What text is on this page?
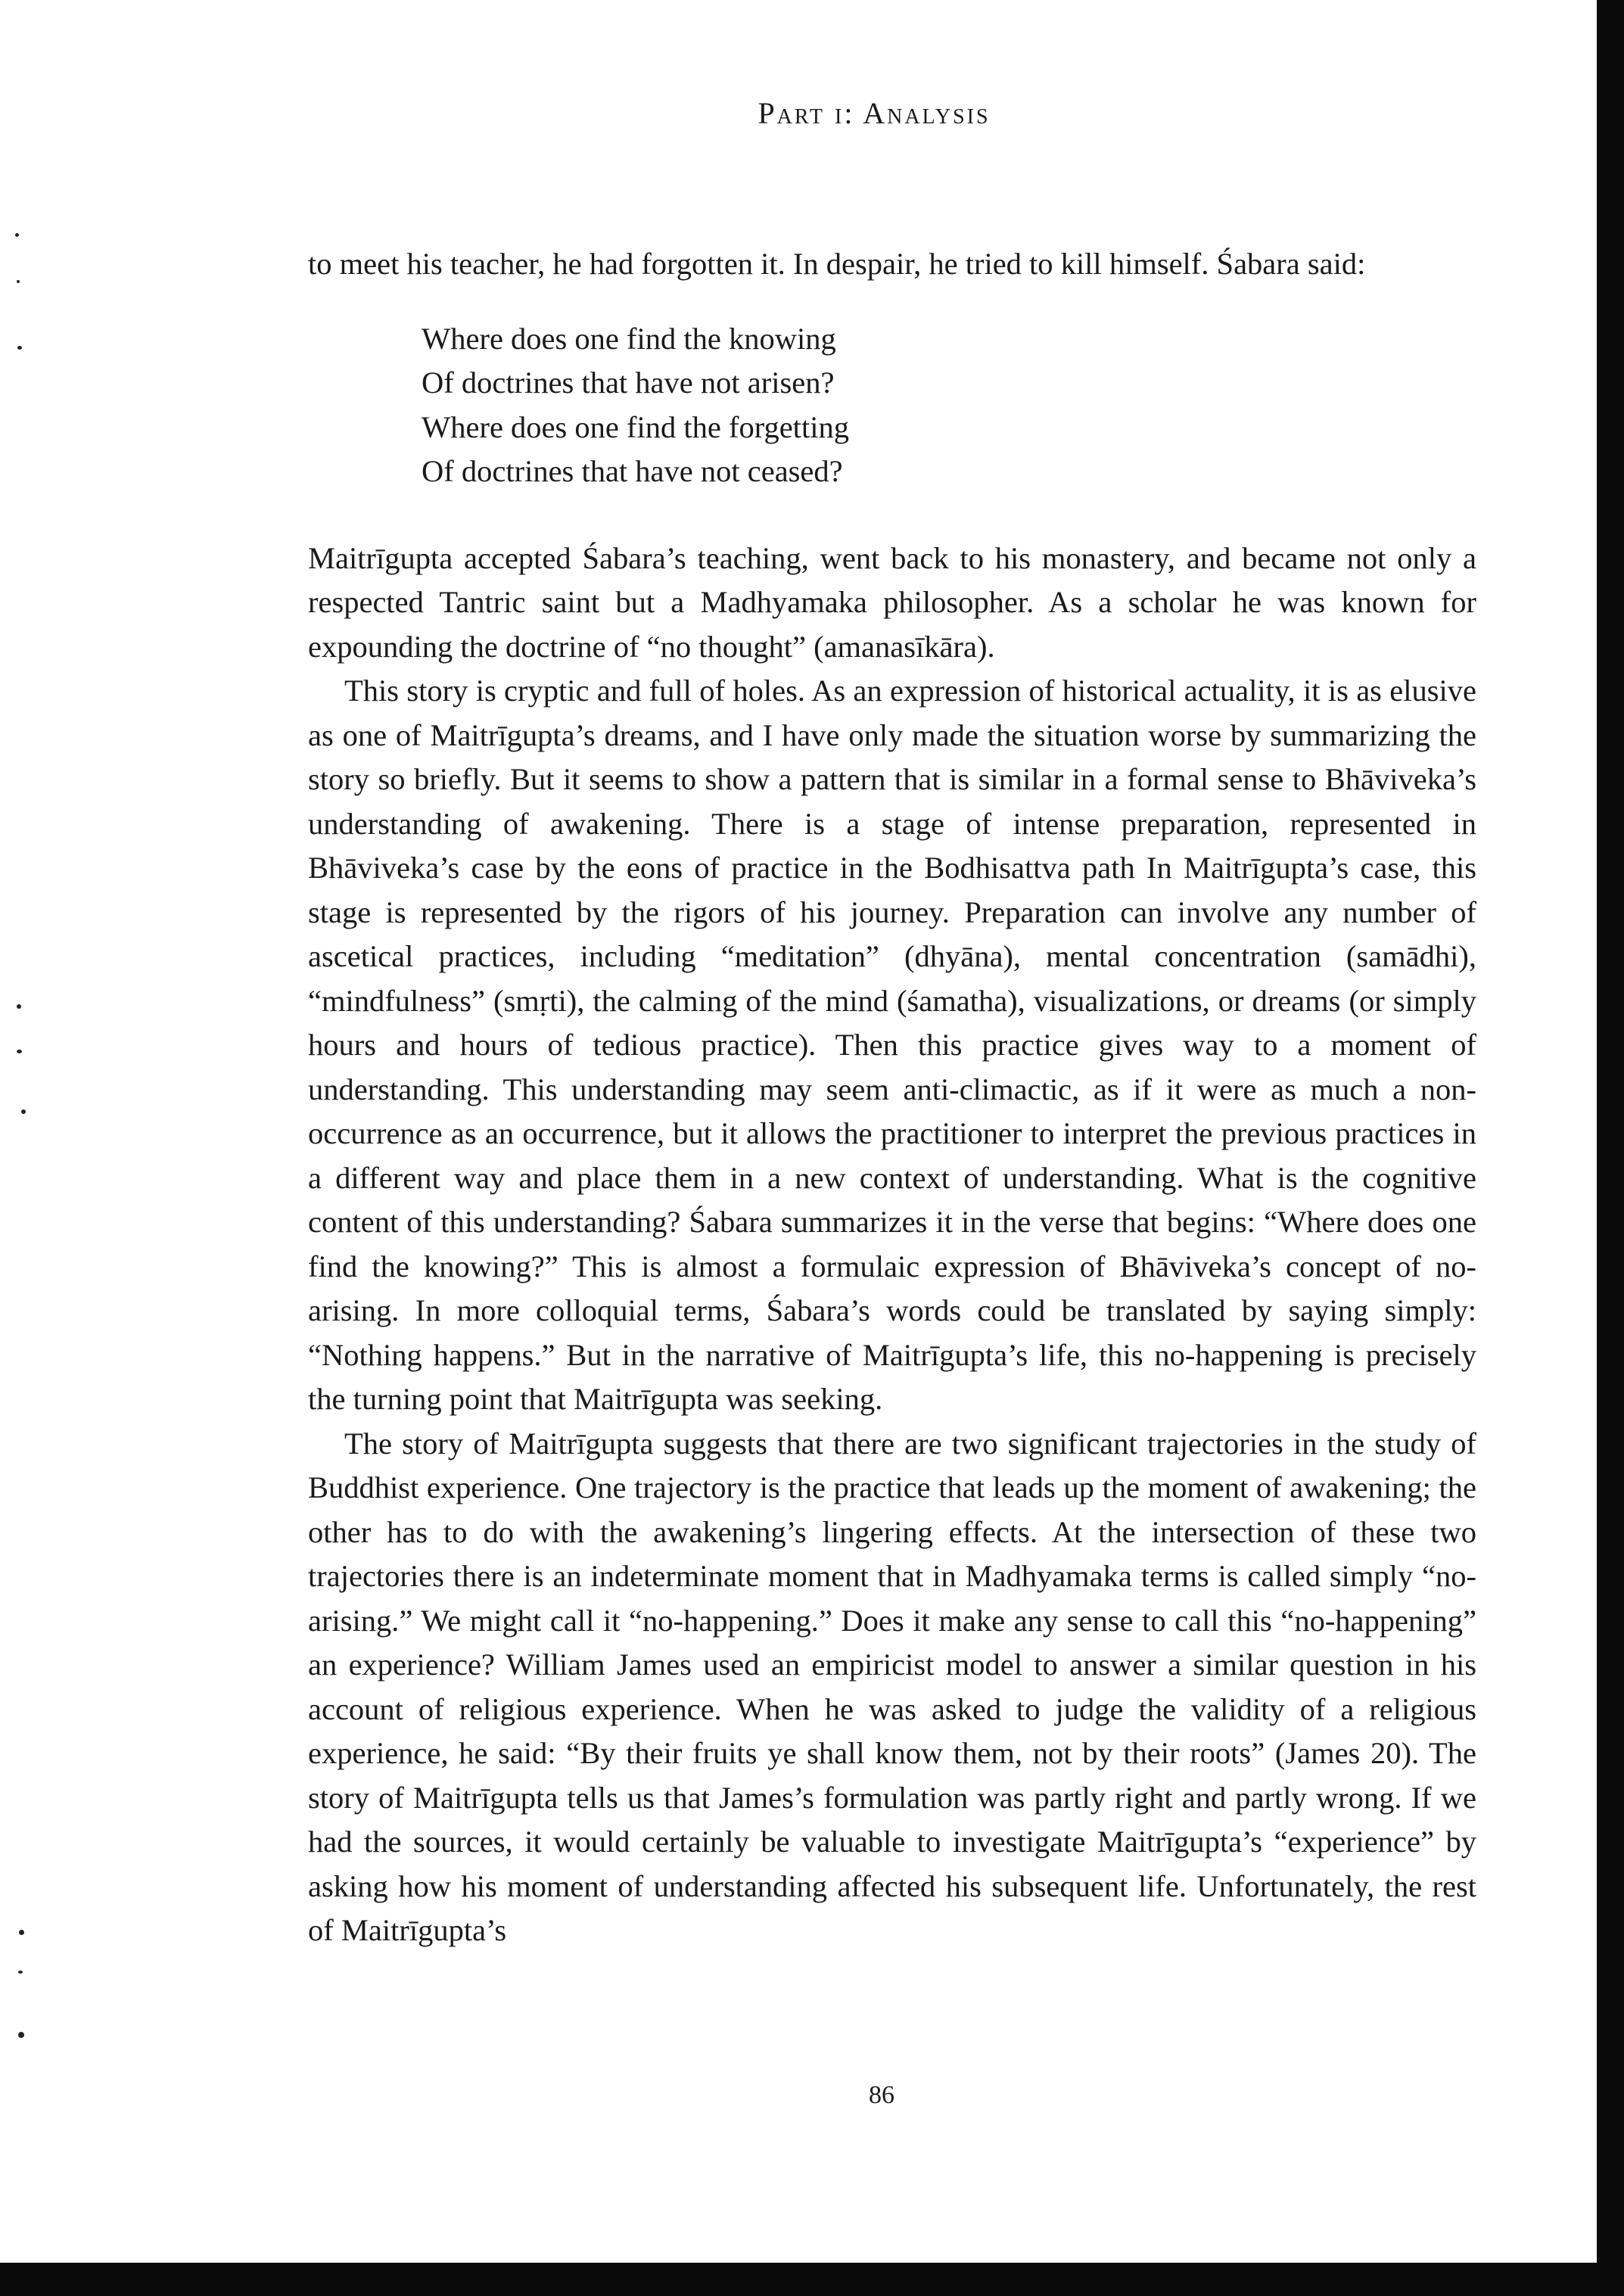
Part i: Analysis

to meet his teacher, he had forgotten it. In despair, he tried to kill himself. Śabara said:

Where does one find the knowing
Of doctrines that have not arisen?
Where does one find the forgetting
Of doctrines that have not ceased?

Maitrīgupta accepted Śabara’s teaching, went back to his monastery, and became not only a respected Tantric saint but a Madhyamaka philosopher. As a scholar he was known for expounding the doctrine of “no thought” (amanasīkāra).

This story is cryptic and full of holes. As an expression of historical actuality, it is as elusive as one of Maitrīgupta’s dreams, and I have only made the situation worse by summarizing the story so briefly. But it seems to show a pattern that is similar in a formal sense to Bhāviveka’s understanding of awakening. There is a stage of intense preparation, represented in Bhāviveka’s case by the eons of practice in the Bodhisattva path In Maitrīgupta’s case, this stage is represented by the rigors of his journey. Preparation can involve any number of ascetical practices, including “meditation” (dhyāna), mental concentration (samādhi), “mindfulness” (smṛti), the calming of the mind (śamatha), visualizations, or dreams (or simply hours and hours of tedious practice). Then this practice gives way to a moment of understanding. This understanding may seem anti-climactic, as if it were as much a non-occurrence as an occurrence, but it allows the practitioner to interpret the previous practices in a different way and place them in a new context of understanding. What is the cognitive content of this understanding? Śabara summarizes it in the verse that begins: “Where does one find the knowing?” This is almost a formulaic expression of Bhāviveka’s concept of no-arising. In more colloquial terms, Śabara’s words could be translated by saying simply: “Nothing happens.” But in the narrative of Maitrīgupta’s life, this no-happening is precisely the turning point that Maitrīgupta was seeking.

The story of Maitrīgupta suggests that there are two significant trajectories in the study of Buddhist experience. One trajectory is the practice that leads up the moment of awakening; the other has to do with the awakening’s lingering effects. At the intersection of these two trajectories there is an indeterminate moment that in Madhyamaka terms is called simply “no-arising.” We might call it “no-happening.” Does it make any sense to call this “no-happening” an experience? William James used an empiricist model to answer a similar question in his account of religious experience. When he was asked to judge the validity of a religious experience, he said: “By their fruits ye shall know them, not by their roots” (James 20). The story of Maitrīgupta tells us that James’s formulation was partly right and partly wrong. If we had the sources, it would certainly be valuable to investigate Maitrīgupta’s “experience” by asking how his moment of understanding affected his subsequent life. Unfortunately, the rest of Maitrīgupta’s

86
